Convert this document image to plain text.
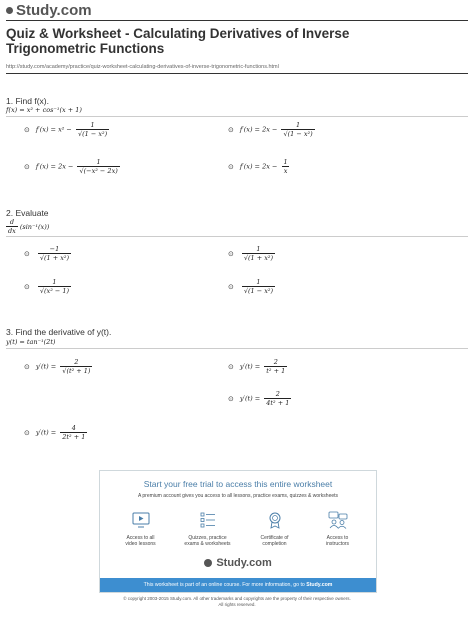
Study.com
Quiz & Worksheet - Calculating Derivatives of Inverse
Trigonometric Functions
http://study.com/academy/practice/quiz-worksheet-calculating-derivatives-of-inverse-trigonometric-functions.html
1. Find f(x).
f(x) = x² + cos⁻¹(x + 1)
⊙ $f'(x) = x^2 - \frac{1}{\text{√(1 − x²)}}$	⊙ $f'(x) = 2x - \frac{1}{\text{√(1 − x²)}}$
⊙ $f'(x) = 2x - \frac{1}{\text{√(−x² − 2x)}}$	⊙ $f'(x) = 2x - \frac{1}{x}$
2. Evaluate
$\frac{d}{dx} (\sin^{-1}(x))$
⊙ $\frac{-1}{\text{√(1 + x²)}}$	⊙ $\frac{1}{\text{√(1 + x²)}}$
⊙ $\frac{1}{\text{√(x² − 1)}}$	⊙ $\frac{1}{\text{√(1 − x²)}}$
3. Find the derivative of y(t).
y(t) = tan⁻¹(2t)
⊙ $y'(t) = \frac{2}{\text{√(t² + 1)}}$	⊙ $y'(t) = \frac{2}{\text{t² + 1}}$
⊙ $y'(t) = \frac{2}{\text{4t² + 1}}$
⊙ $y'(t) = \frac{4}{\text{2t² + 1}}$
Start your free trial to access this entire worksheet
A premium account gives you access to all lessons, practice exams, quizzes & worksheets
Access to all
video lessons
Quizzes, practice
exams & worksheets
Certificate of
completion
Access to
instructors
Study.com
This worksheet is part of an online course. For more information, go to Study.com
© copyright 2003-2015 Study.com. All other trademarks and copyrights are the property of their respective owners.
All rights reserved.
